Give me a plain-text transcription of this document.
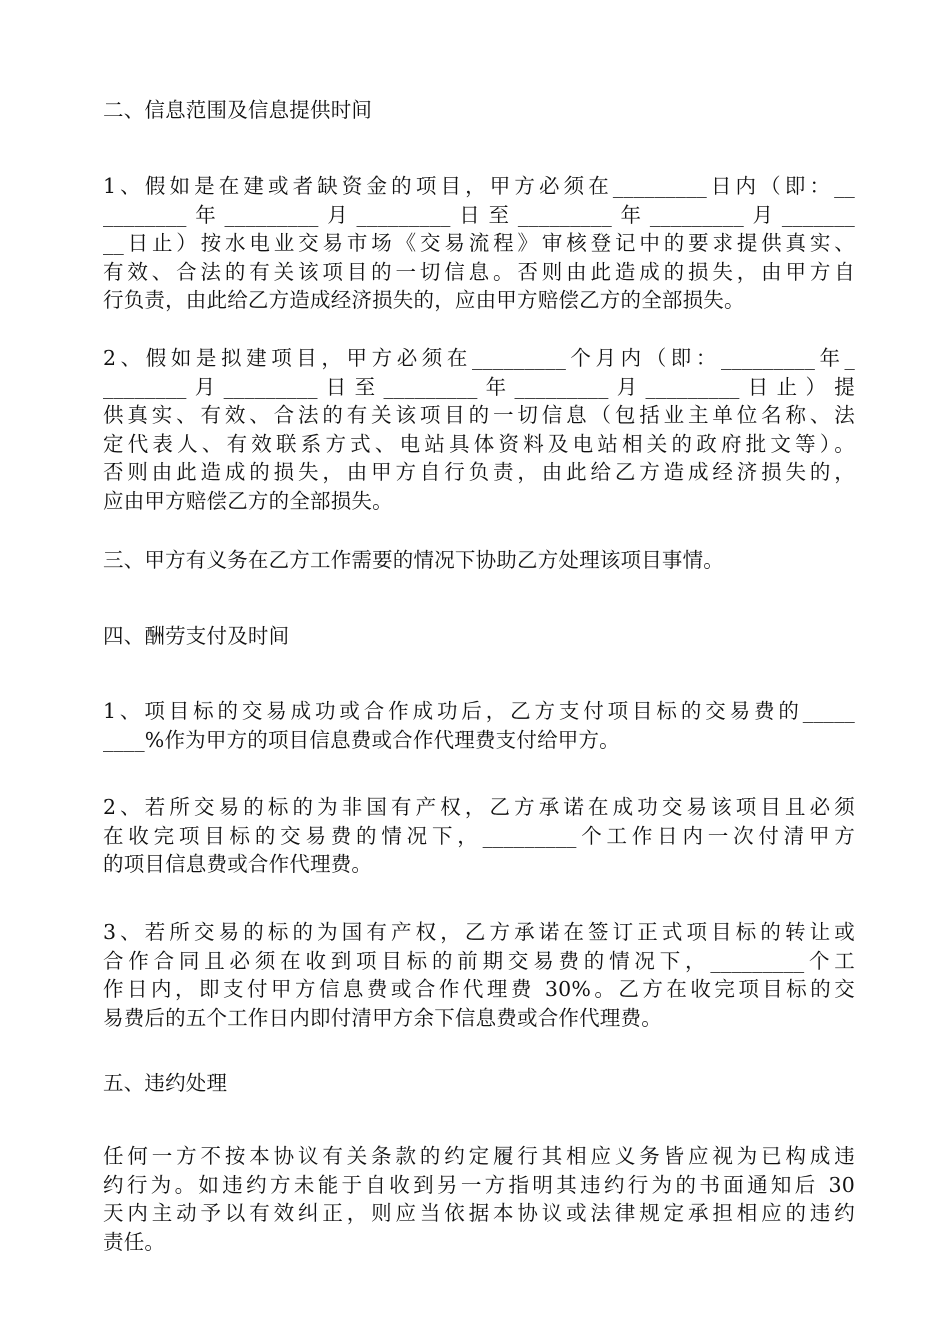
二、信息范围及信息提供时间
1、假如是在建或者缺资金的项目，甲方必须在_________日内（即：__
________年_________月_________日至_________年_________月_______
__日止）按水电业交易市场《交易流程》审核登记中的要求提供真实、
有效、合法的有关该项目的一切信息。否则由此造成的损失，由甲方自
行负责，由此给乙方造成经济损失的，应由甲方赔偿乙方的全部损失。
2、假如是拟建项目，甲方必须在_________个月内（即：_________年_
________月_________日至_________年_________月_________日止）提
供真实、有效、合法的有关该项目的一切信息（包括业主单位名称、法
定代表人、有效联系方式、电站具体资料及电站相关的政府批文等）。
否则由此造成的损失，由甲方自行负责，由此给乙方造成经济损失的，
应由甲方赔偿乙方的全部损失。
三、甲方有义务在乙方工作需要的情况下协助乙方处理该项目事情。
四、酬劳支付及时间
1、项目标的交易成功或合作成功后，乙方支付项目标的交易费的_____
____%作为甲方的项目信息费或合作代理费支付给甲方。
2、若所交易的标的为非国有产权，乙方承诺在成功交易该项目且必须
在收完项目标的交易费的情况下，_________个工作日内一次付清甲方
的项目信息费或合作代理费。
3、若所交易的标的为国有产权，乙方承诺在签订正式项目标的转让或
合作合同且必须在收到项目标的前期交易费的情况下，_________个工
作日内，即支付甲方信息费或合作代理费 30%。乙方在收完项目标的交
易费后的五个工作日内即付清甲方余下信息费或合作代理费。
五、违约处理
任何一方不按本协议有关条款的约定履行其相应义务皆应视为已构成违
约行为。如违约方未能于自收到另一方指明其违约行为的书面通知后 30
天内主动予以有效纠正，则应当依据本协议或法律规定承担相应的违约
责任。
